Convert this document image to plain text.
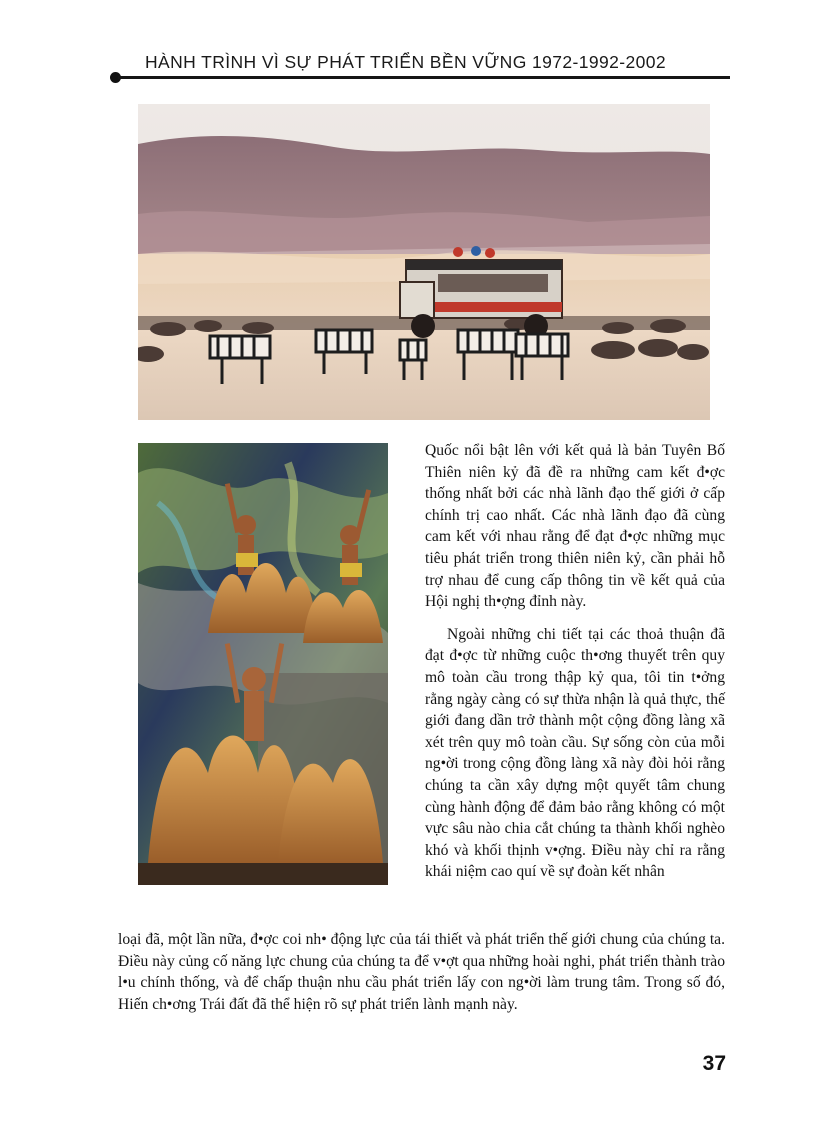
HÀNH TRÌNH VÌ SỰ PHÁT TRIỂN BỀN VỮNG 1972-1992-2002

Quốc nổi bật lên với kết quả là bản Tuyên Bố Thiên niên kỷ đã đề ra những cam kết đ•ợc thống nhất bởi các nhà lãnh đạo thế giới ở cấp chính trị cao nhất. Các nhà lãnh đạo đã cùng cam kết với nhau rằng để đạt đ•ợc những mục tiêu phát triển trong thiên niên kỷ, cần phải hỗ trợ nhau để cung cấp thông tin về kết quả của Hội nghị th•ợng đỉnh này.

Ngoài những chi tiết tại các thoả thuận đã đạt đ•ợc từ những cuộc th•ơng thuyết trên quy mô toàn cầu trong thập kỷ qua, tôi tin t•ởng rằng ngày càng có sự thừa nhận là quả thực, thế giới đang dần trở thành một cộng đồng làng xã xét trên quy mô toàn cầu. Sự sống còn của mỗi ng•ời trong cộng đồng làng xã này đòi hỏi rằng chúng ta cần xây dựng một quyết tâm chung cùng hành động để đảm bảo rằng không có một vực sâu nào chia cắt chúng ta thành khối nghèo khó và khối thịnh v•ợng. Điều này chỉ ra rằng khái niệm cao quí về sự đoàn kết nhân

loại đã, một lần nữa, đ•ợc coi nh• động lực của tái thiết và phát triển thế giới chung của chúng ta. Điều này củng cố năng lực chung của chúng ta để v•ợt qua những hoài nghi, phát triển thành trào l•u chính thống, và để chấp thuận nhu cầu phát triển lấy con ng•ời làm trung tâm. Trong số đó, Hiến ch•ơng Trái đất đã thể hiện rõ sự phát triển lành mạnh này.

37
